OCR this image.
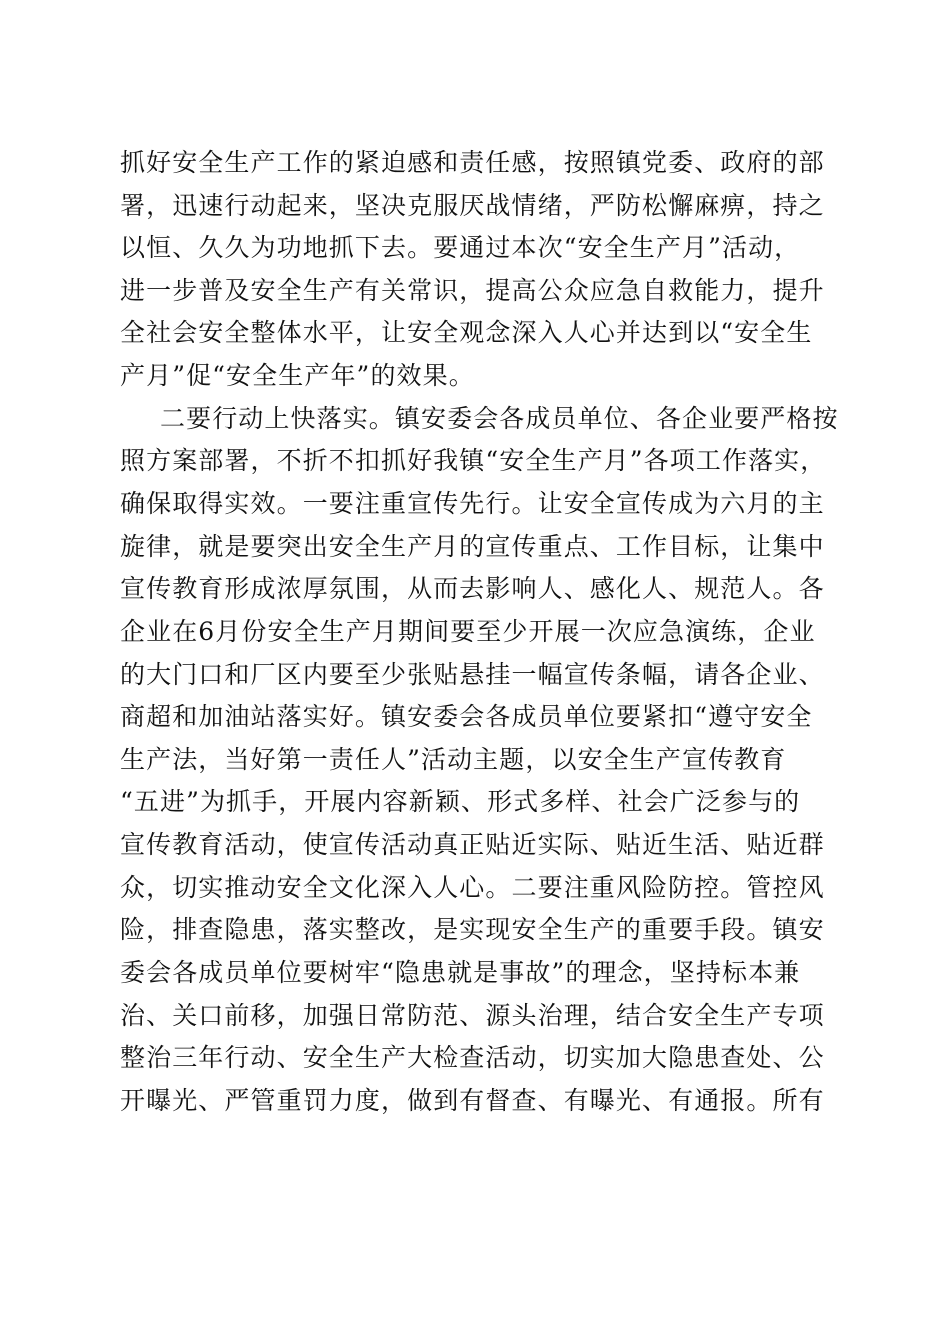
抓好安全生产工作的紧迫感和责任感，按照镇党委、政府的部
署，迅速行动起来，坚决克服厌战情绪，严防松懈麻痹，持之
以恒、久久为功地抓下去。要通过本次“安全生产月”活动，
进一步普及安全生产有关常识，提高公众应急自救能力，提升
全社会安全整体水平，让安全观念深入人心并达到以“安全生
产月”促“安全生产年”的效果。
二要行动上快落实。镇安委会各成员单位、各企业要严格按
照方案部署，不折不扣抓好我镇“安全生产月”各项工作落实，
确保取得实效。一要注重宣传先行。让安全宣传成为六月的主
旋律，就是要突出安全生产月的宣传重点、工作目标，让集中
宣传教育形成浓厚氛围，从而去影响人、感化人、规范人。各
企业在6月份安全生产月期间要至少开展一次应急演练，企业
的大门口和厂区内要至少张贴悬挂一幅宣传条幅，请各企业、
商超和加油站落实好。镇安委会各成员单位要紧扣“遵守安全
生产法，当好第一责任人”活动主题，以安全生产宣传教育
“五进”为抓手，开展内容新颖、形式多样、社会广泛参与的
宣传教育活动，使宣传活动真正贴近实际、贴近生活、贴近群
众，切实推动安全文化深入人心。二要注重风险防控。管控风
险，排查隐患，落实整改，是实现安全生产的重要手段。镇安
委会各成员单位要树牢“隐患就是事故”的理念，坚持标本兼
治、关口前移，加强日常防范、源头治理，结合安全生产专项
整治三年行动、安全生产大检查活动，切实加大隐患查处、公
开曝光、严管重罚力度，做到有督查、有曝光、有通报。所有
